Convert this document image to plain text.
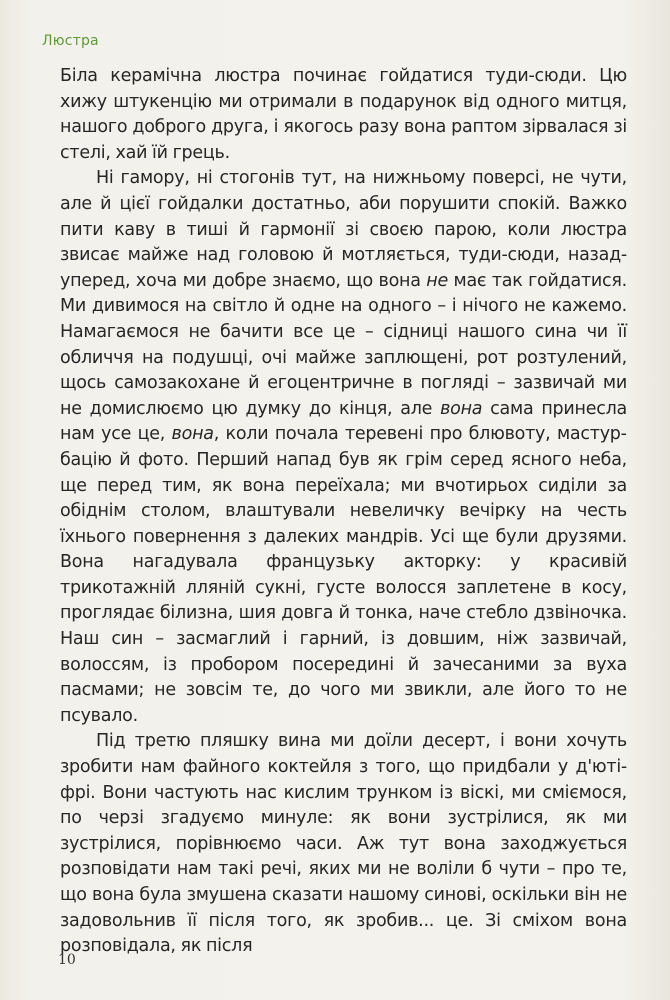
Люстра

Біла керамічна люстра починає гойдатися туди-сюди. Цю хижу штукенцію ми отримали в подарунок від одного митця, нашого доброго друга, і якогось разу вона раптом зірвалася зі стелі, хай їй грець.

Ні гамору, ні стогонів тут, на нижньому поверсі, не чути, але й цієї гойдалки достатньо, аби порушити спокій. Важко пити каву в тиші й гармонії зі своєю парою, коли люстра звисає майже над головою й мотляється, туди-сюди, назад-уперед, хоча ми добре знаємо, що вона не має так гойдатися. Ми дивимося на світло й одне на одного – і нічого не кажемо. Намагаємося не бачити все це – сідниці нашого сина чи її обличчя на подушці, очі майже заплющені, рот розтулений, щось самозакохане й егоцентричне в погляді – зазвичай ми не домислюємо цю думку до кінця, але вона сама принесла нам усе це, вона, коли почала теревені про блювоту, мастурбацію й фото. Перший напад був як грім серед ясного неба, ще перед тим, як вона переїхала; ми вчотирьох сиділи за обіднім столом, влаштували невеличку вечірку на честь їхнього повернення з далеких мандрів. Усі ще були друзями. Вона нагадувала французьку акторку: у красивій трикотажній лляній сукні, густе волосся заплетене в косу, проглядає білизна, шия довга й тонка, наче стебло дзвіночка. Наш син – засмаглий і гарний, із довшим, ніж зазвичай, волоссям, із пробором посередині й зачесаними за вуха пасмами; не зовсім те, до чого ми звикли, але його то не псувало.

Під третю пляшку вина ми доїли десерт, і вони хочуть зробити нам файного коктейля з того, що придбали у д'юті-фрі. Вони частують нас кислим трунком із віскі, ми сміємося, по черзі згадуємо минуле: як вони зустрілися, як ми зустрілися, порівнюємо часи. Аж тут вона заходжується розповідати нам такі речі, яких ми не воліли б чути – про те, що вона була змушена сказати нашому синові, оскільки він не задовольнив її після того, як зробив... це. Зі сміхом вона розповідала, як після

10
